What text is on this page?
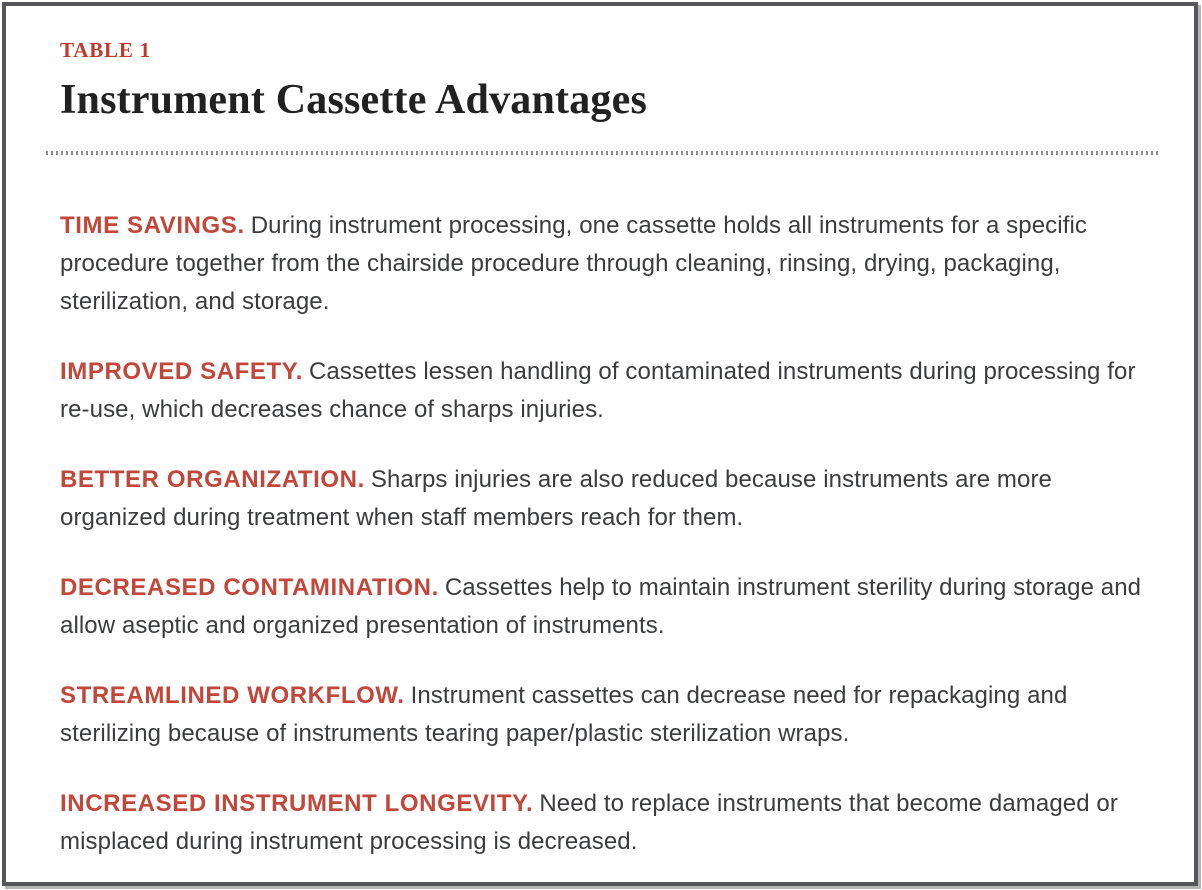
TABLE 1
Instrument Cassette Advantages

TIME SAVINGS. During instrument processing, one cassette holds all instruments for a specific procedure together from the chairside procedure through cleaning, rinsing, drying, packaging, sterilization, and storage.

IMPROVED SAFETY. Cassettes lessen handling of contaminated instruments during processing for re-use, which decreases chance of sharps injuries.

BETTER ORGANIZATION. Sharps injuries are also reduced because instruments are more organized during treatment when staff members reach for them.

DECREASED CONTAMINATION. Cassettes help to maintain instrument sterility during storage and allow aseptic and organized presentation of instruments.

STREAMLINED WORKFLOW. Instrument cassettes can decrease need for repackaging and sterilizing because of instruments tearing paper/plastic sterilization wraps.

INCREASED INSTRUMENT LONGEVITY. Need to replace instruments that become damaged or misplaced during instrument processing is decreased.
